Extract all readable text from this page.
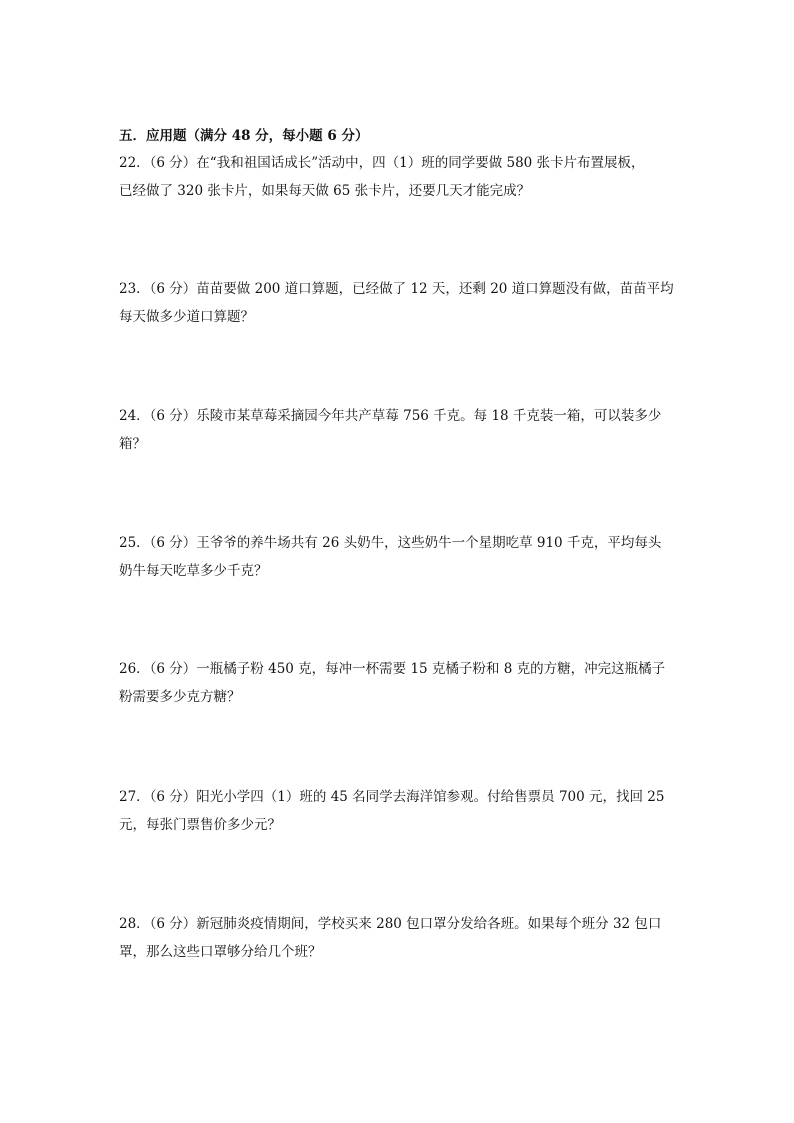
五．应用题（满分 48 分，每小题 6 分）
22．（6 分）在“我和祖国话成长”活动中，四（1）班的同学要做 580 张卡片布置展板，
已经做了 320 张卡片，如果每天做 65 张卡片，还要几天才能完成？
23．（6 分）苗苗要做 200 道口算题，已经做了 12 天，还剩 20 道口算题没有做，苗苗平均
每天做多少道口算题？
24．（6 分）乐陵市某草莓采摘园今年共产草莓 756 千克。每 18 千克装一箱，可以装多少
箱？
25．（6 分）王爷爷的养牛场共有 26 头奶牛，这些奶牛一个星期吃草 910 千克，平均每头
奶牛每天吃草多少千克？
26．（6 分）一瓶橘子粉 450 克，每冲一杯需要 15 克橘子粉和 8 克的方糖，冲完这瓶橘子
粉需要多少克方糖？
27．（6 分）阳光小学四（1）班的 45 名同学去海洋馆参观。付给售票员 700 元，找回 25
元，每张门票售价多少元？
28．（6 分）新冠肺炎疫情期间，学校买来 280 包口罩分发给各班。如果每个班分 32 包口
罩，那么这些口罩够分给几个班？
